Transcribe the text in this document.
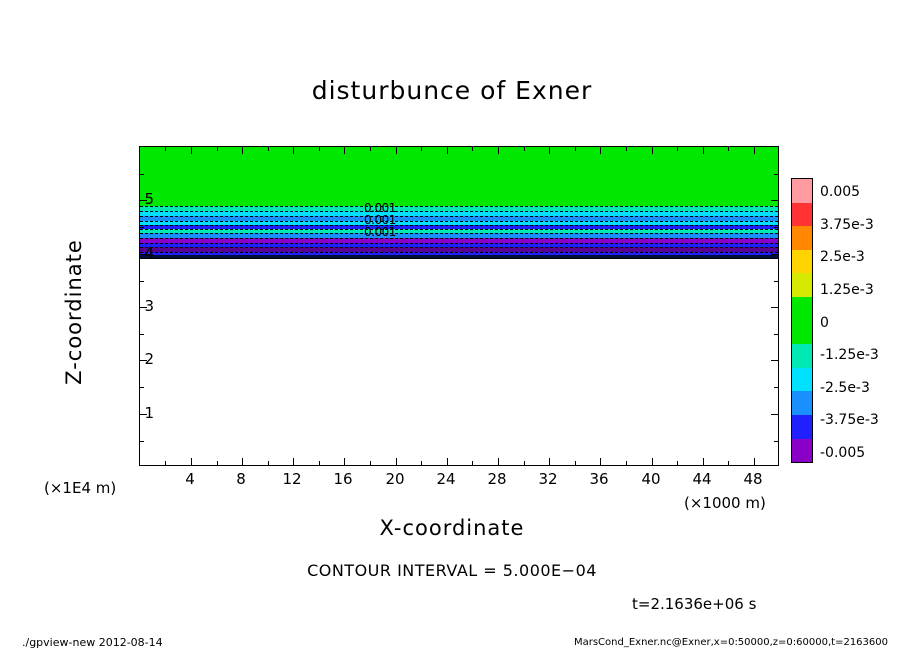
disturbunce of Exner
0.001
0.001
0.001
4	8 12 16 20 24 28 32 36 40 44 48
1
2
3
4
5
X-coordinate
Z-coordinate
(×1E4 m)
(×1000 m)
CONTOUR INTERVAL = 5.000E−04
t=2.1636e+06 s
./gpview-new 2012-08-14	MarsCond_Exner.nc@Exner,x=0:50000,z=0:60000,t=2163600
0.005
3.75e-3
2.5e-3
1.25e-3
0
-1.25e-3
-2.5e-3
-3.75e-3
-0.005
